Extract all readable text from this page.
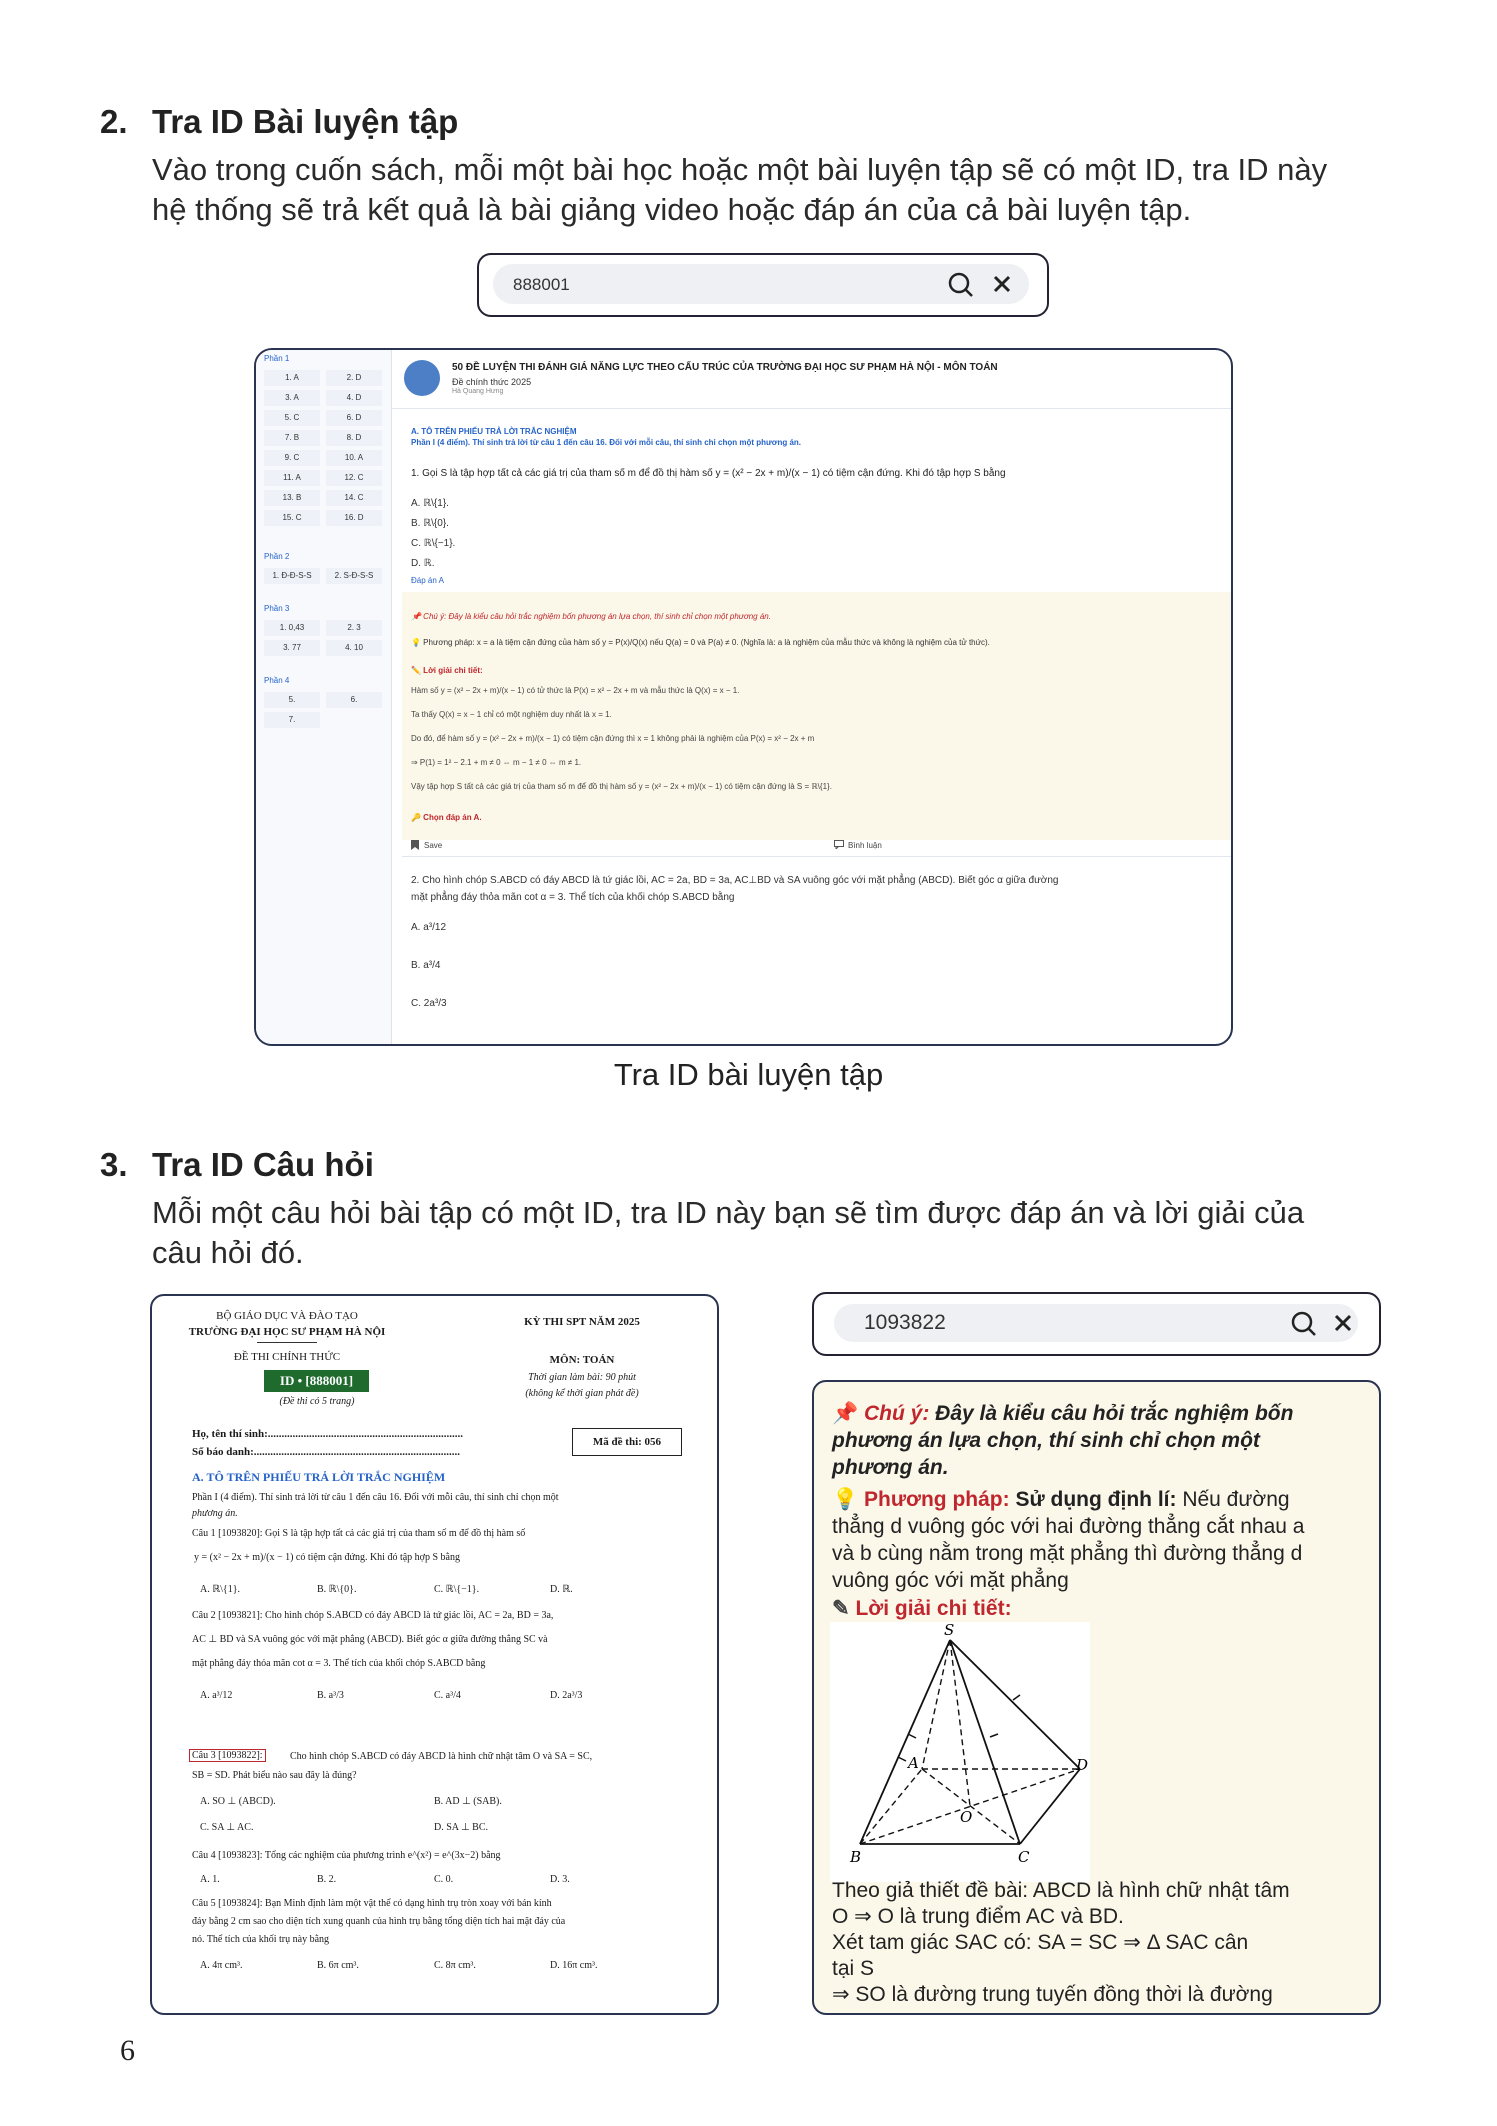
2. Tra ID Bài luyện tập
Vào trong cuốn sách, mỗi một bài học hoặc một bài luyện tập sẽ có một ID, tra ID này
hệ thống sẽ trả kết quả là bài giảng video hoặc đáp án của cả bài luyện tập.
888001
Phần 1
1. A	2. D
3. A	4. D
5. C	6. D
7. B	8. D
9. C	10. A
11. A	12. C
13. B	14. C
15. C	16. D
Phần 2
1. Đ-Đ-S-S	2. S-Đ-S-S
Phần 3
1. 0,43	2. 3
3. 77	4. 10
Phần 4
5.	6.
7.
50 ĐỀ LUYỆN THI ĐÁNH GIÁ NĂNG LỰC THEO CẤU TRÚC CỦA TRƯỜNG ĐẠI HỌC SƯ PHẠM HÀ NỘI - MÔN TOÁN
Đề chính thức 2025
Hà Quang Hưng
A. TÔ TRÊN PHIẾU TRẢ LỜI TRẮC NGHIỆM
Phần I (4 điểm). Thí sinh trả lời từ câu 1 đến câu 16. Đối với mỗi câu, thí sinh chỉ chọn một phương án.
1. Gọi S là tập hợp tất cả các giá trị của tham số m để đồ thị hàm số y = (x² − 2x + m)/(x − 1) có tiệm cận đứng. Khi đó tập hợp S bằng
A. ℝ\{1}.
B. ℝ\{0}.
C. ℝ\{−1}.
D. ℝ.
Đáp án A
📌 Chú ý: Đây là kiểu câu hỏi trắc nghiệm bốn phương án lựa chọn, thí sinh chỉ chọn một phương án.
💡 Phương pháp: x = a là tiệm cận đứng của hàm số y = P(x)/Q(x) nếu Q(a) = 0 và P(a) ≠ 0. (Nghĩa là: a là nghiệm của mẫu thức và không là nghiệm của tử thức).
✏️ Lời giải chi tiết:
Hàm số y = (x² − 2x + m)/(x − 1) có tử thức là P(x) = x² − 2x + m và mẫu thức là Q(x) = x − 1.
Ta thấy Q(x) = x − 1 chỉ có một nghiệm duy nhất là x = 1.
Do đó, để hàm số y = (x² − 2x + m)/(x − 1) có tiệm cận đứng thì x = 1 không phải là nghiệm của P(x) = x² − 2x + m
⇒ P(1) = 1² − 2.1 + m ≠ 0 ⇔ m − 1 ≠ 0 ⇔ m ≠ 1.
Vậy tập hợp S tất cả các giá trị của tham số m để đồ thị hàm số y = (x² − 2x + m)/(x − 1) có tiệm cận đứng là S = ℝ\{1}.
🔑 Chọn đáp án A.
Save	Bình luận
2. Cho hình chóp S.ABCD có đáy ABCD là tứ giác lồi, AC = 2a, BD = 3a, AC⊥BD và SA vuông góc với mặt phẳng (ABCD). Biết góc α giữa đường
mặt phẳng đáy thỏa mãn cot α = 3. Thể tích của khối chóp S.ABCD bằng
A. a³/12
B. a³/4
C. 2a³/3
Tra ID bài luyện tập
3. Tra ID Câu hỏi
Mỗi một câu hỏi bài tập có một ID, tra ID này bạn sẽ tìm được đáp án và lời giải của
câu hỏi đó.
BỘ GIÁO DỤC VÀ ĐÀO TẠO
TRƯỜNG ĐẠI HỌC SƯ PHẠM HÀ NỘI
ĐỀ THI CHÍNH THỨC
ID • [888001]
(Đề thi có 5 trang)
KỲ THI SPT NĂM 2025
MÔN: TOÁN
Thời gian làm bài: 90 phút
(không kể thời gian phát đề)
Họ, tên thí sinh:.......................................................................
Số báo danh:...........................................................................
Mã đề thi: 056
A. TÔ TRÊN PHIẾU TRẢ LỜI TRẮC NGHIỆM
Phần I (4 điểm). Thí sinh trả lời từ câu 1 đến câu 16. Đối với mỗi câu, thí sinh chỉ chọn một
phương án.
Câu 1 [1093820]: Gọi S là tập hợp tất cả các giá trị của tham số m để đồ thị hàm số
y = (x² − 2x + m)/(x − 1) có tiệm cận đứng. Khi đó tập hợp S bằng
A. ℝ\{1}.	B. ℝ\{0}.	C. ℝ\{−1}.	D. ℝ.
Câu 2 [1093821]: Cho hình chóp S.ABCD có đáy ABCD là tứ giác lồi, AC = 2a, BD = 3a,
AC ⊥ BD và SA vuông góc với mặt phẳng (ABCD). Biết góc α giữa đường thẳng SC và
mặt phẳng đáy thỏa mãn cot α = 3. Thể tích của khối chóp S.ABCD bằng
A. a³/12	B. a³/3	C. a³/4	D. 2a³/3
Câu 3 [1093822]:	Cho hình chóp S.ABCD có đáy ABCD là hình chữ nhật tâm O và SA = SC,
SB = SD. Phát biểu nào sau đây là đúng?
A. SO ⊥ (ABCD).	B. AD ⊥ (SAB).
C. SA ⊥ AC.	D. SA ⊥ BC.
Câu 4 [1093823]: Tổng các nghiệm của phương trình e^(x²) = e^(3x−2) bằng
A. 1.	B. 2.	C. 0.	D. 3.
Câu 5 [1093824]: Bạn Minh định làm một vật thể có dạng hình trụ tròn xoay với bán kính
đáy bằng 2 cm sao cho diện tích xung quanh của hình trụ bằng tổng diện tích hai mặt đáy của
nó. Thể tích của khối trụ này bằng
A. 4π cm³.	B. 6π cm³.	C. 8π cm³.	D. 16π cm³.
1093822
📌 Chú ý: Đây là kiểu câu hỏi trắc nghiệm bốn
phương án lựa chọn, thí sinh chỉ chọn một
phương án.
💡 Phương pháp: Sử dụng định lí: Nếu đường
thẳng d vuông góc với hai đường thẳng cắt nhau a
và b cùng nằm trong mặt phẳng thì đường thẳng d
vuông góc với mặt phẳng
✎ Lời giải chi tiết:
S
A
B	C
D
O
Theo giả thiết đề bài: ABCD là hình chữ nhật tâm
O ⇒ O là trung điểm AC và BD.
Xét tam giác SAC có: SA = SC ⇒ Δ SAC cân
tại S
⇒ SO là đường trung tuyến đồng thời là đường
6
